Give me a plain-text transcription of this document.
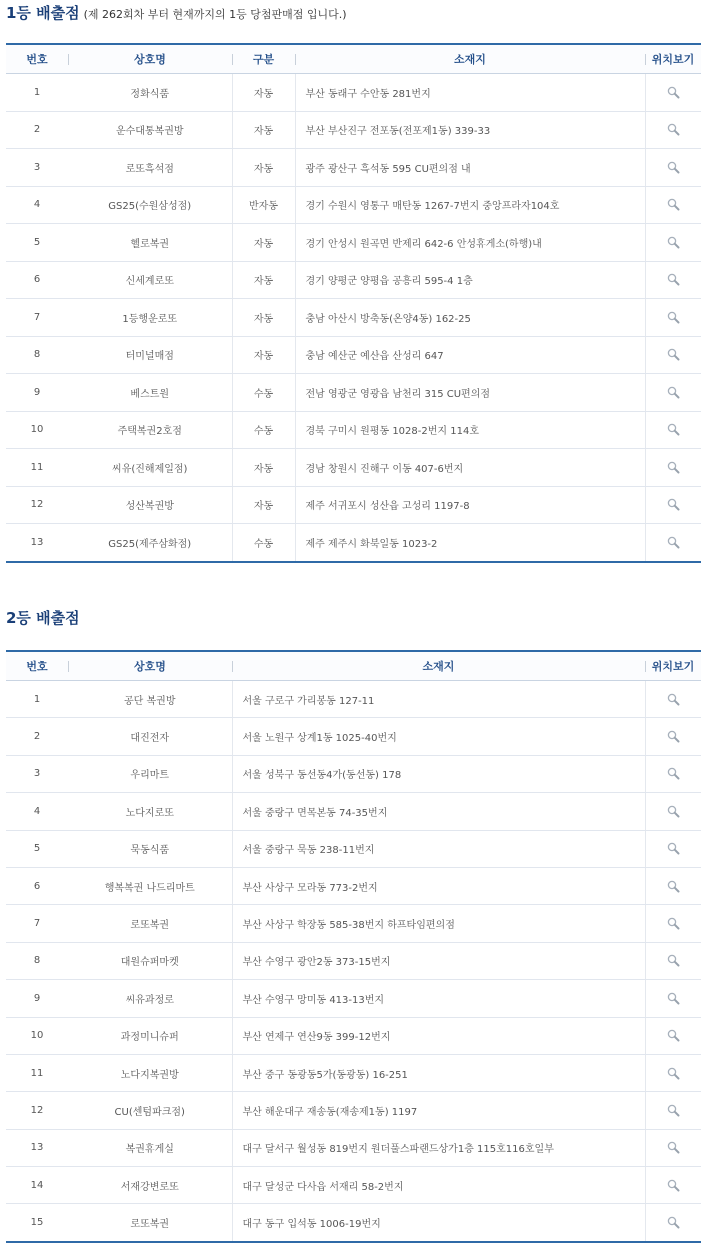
1등 배출점 (제 262회차 부터 현재까지의 1등 당첨판매점 입니다.)
번호	상호명	구분	소재지	위치보기
1	정화식품	자동	부산 동래구 수안동 281번지	
2	운수대통복권방	자동	부산 부산진구 전포동(전포제1동) 339-33	
3	로또흑석점	자동	광주 광산구 흑석동 595 CU편의점 내	
4	GS25(수원삼성점)	반자동	경기 수원시 영통구 매탄동 1267-7번지 중앙프라자104호	
5	헬로복권	자동	경기 안성시 원곡면 반제리 642-6 안성휴게소(하행)내	
6	신세계로또	자동	경기 양평군 양평읍 공흥리 595-4 1층	
7	1등행운로또	자동	충남 아산시 방축동(온양4동) 162-25	
8	터미널매점	자동	충남 예산군 예산읍 산성리 647	
9	베스트원	수동	전남 영광군 영광읍 남천리 315 CU편의점	
10	주택복권2호점	수동	경북 구미시 원평동 1028-2번지 114호	
11	씨유(진해제일점)	자동	경남 창원시 진해구 이동 407-6번지	
12	성산복권방	자동	제주 서귀포시 성산읍 고성리 1197-8	
13	GS25(제주삼화점)	수동	제주 제주시 화북일동 1023-2	
2등 배출점
번호	상호명	소재지	위치보기
1	공단 복권방	서울 구로구 가리봉동 127-11	
2	대진전자	서울 노원구 상계1동 1025-40번지	
3	우리마트	서울 성북구 동선동4가(동선동) 178	
4	노다지로또	서울 중랑구 면목본동 74-35번지	
5	묵동식품	서울 중랑구 묵동 238-11번지	
6	행복복권 나드리마트	부산 사상구 모라동 773-2번지	
7	로또복권	부산 사상구 학장동 585-38번지 하프타임편의점	
8	대원슈퍼마켓	부산 수영구 광안2동 373-15번지	
9	씨유과정로	부산 수영구 망미동 413-13번지	
10	과정미니슈퍼	부산 연제구 연산9동 399-12번지	
11	노다지복권방	부산 중구 동광동5가(동광동) 16-251	
12	CU(센텀파크점)	부산 해운대구 재송동(재송제1동) 1197	
13	복권휴게실	대구 달서구 월성동 819번지 원더풀스파랜드상가1층 115호116호일부	
14	서재강변로또	대구 달성군 다사읍 서재리 58-2번지	
15	로또복권	대구 동구 입석동 1006-19번지	
